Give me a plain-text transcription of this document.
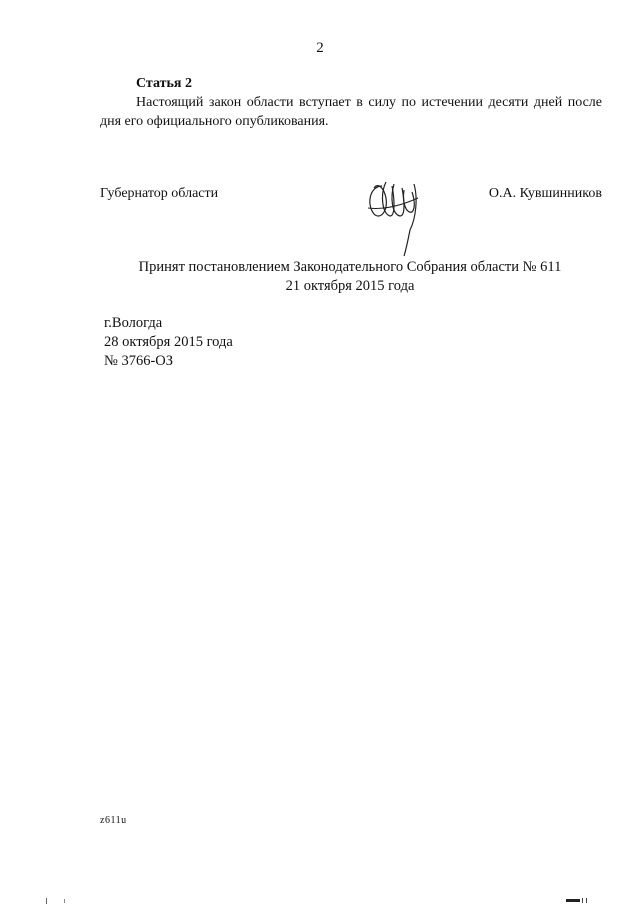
2
Статья 2
Настоящий закон области вступает в силу по истечении десяти дней после дня его официального опубликования.
Губернатор области	О.А. Кувшинников
Принят постановлением Законодательного Собрания области № 611
21 октября 2015 года
г.Вологда
28 октября 2015 года
№ 3766-ОЗ
z611u
